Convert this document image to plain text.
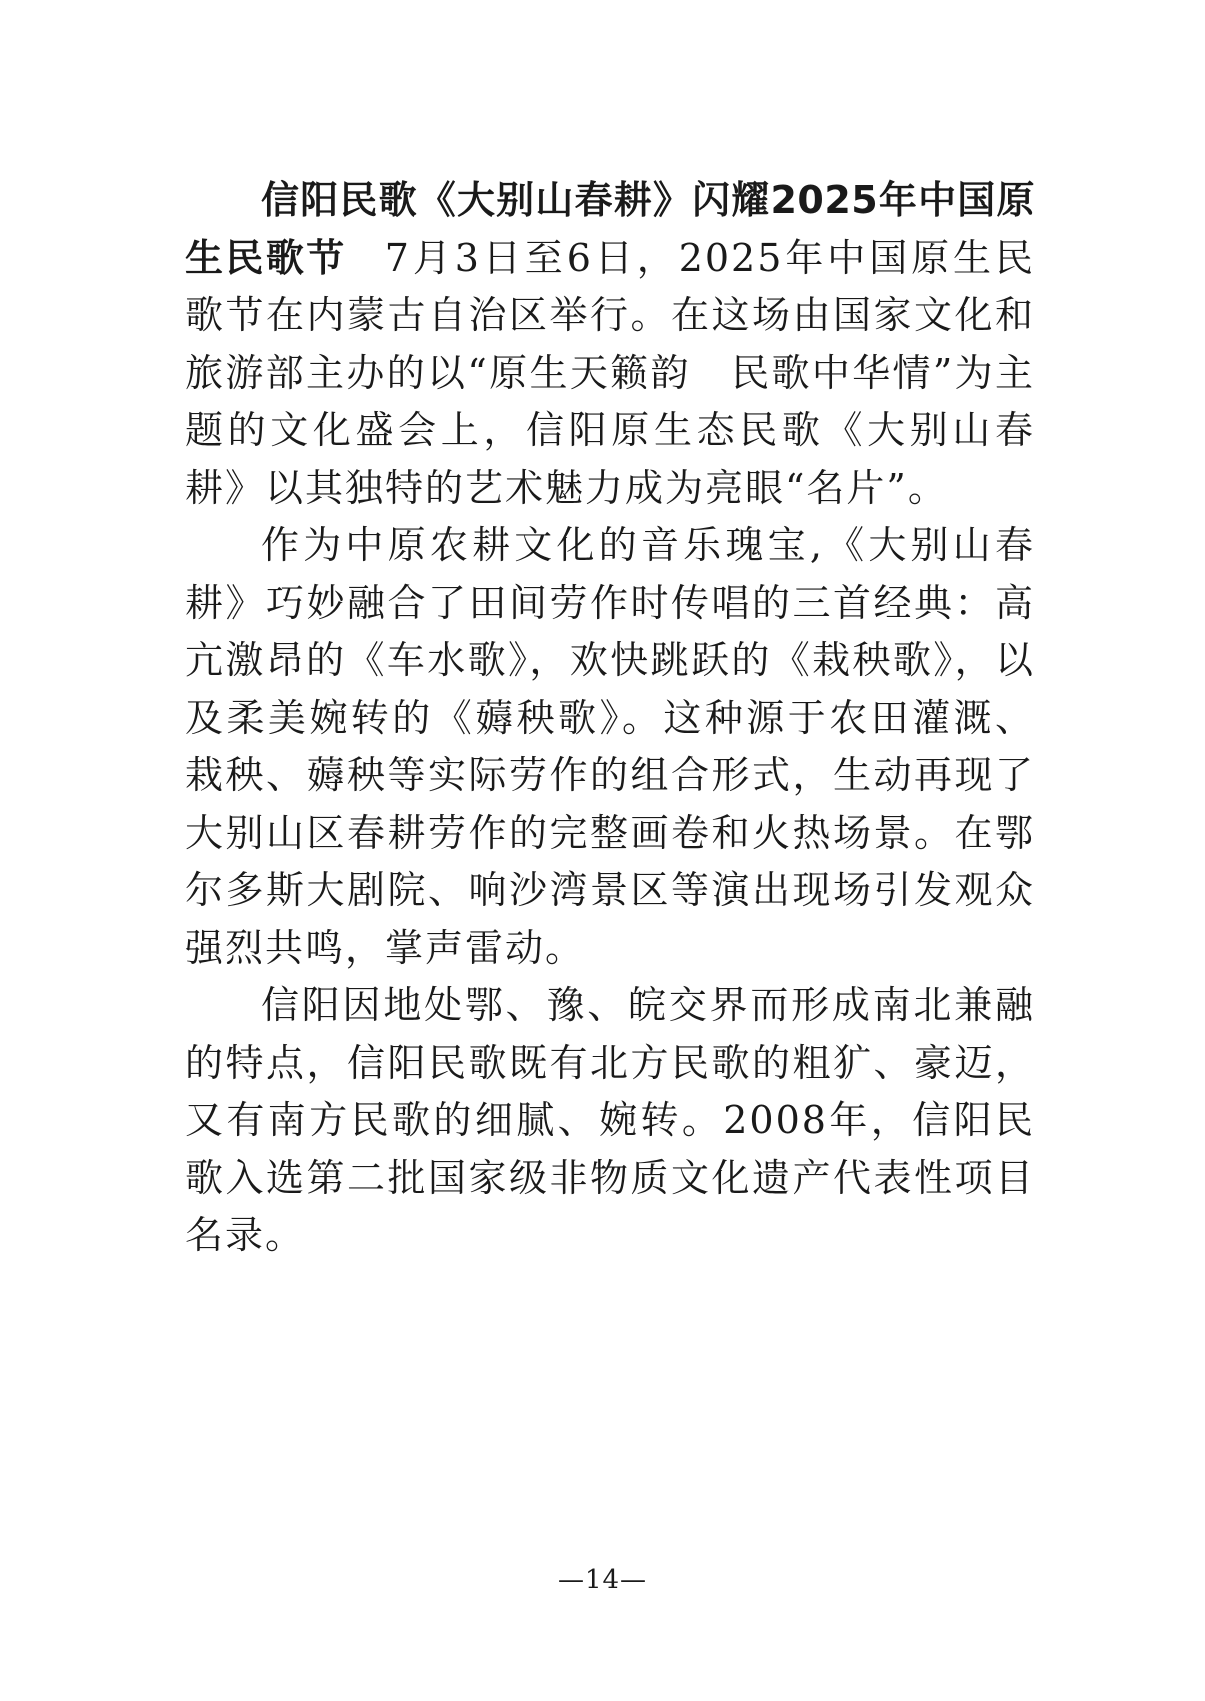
信阳民歌《大别山春耕》闪耀2025年中国原生民歌节 7月3日至6日，2025年中国原生民歌节在内蒙古自治区举行。在这场由国家文化和旅游部主办的以“原生天籁韵　民歌中华情”为主题的文化盛会上，信阳原生态民歌《大别山春耕》以其独特的艺术魅力成为亮眼“名片”。

作为中原农耕文化的音乐瑰宝,《大别山春耕》巧妙融合了田间劳作时传唱的三首经典：高亢激昂的《车水歌》，欢快跳跃的《栽秧歌》，以及柔美婉转的《薅秧歌》。这种源于农田灌溉、栽秧、薅秧等实际劳作的组合形式，生动再现了大别山区春耕劳作的完整画卷和火热场景。在鄂尔多斯大剧院、响沙湾景区等演出现场引发观众强烈共鸣，掌声雷动。

信阳因地处鄂、豫、皖交界而形成南北兼融的特点，信阳民歌既有北方民歌的粗犷、豪迈，又有南方民歌的细腻、婉转。2008年，信阳民歌入选第二批国家级非物质文化遗产代表性项目名录。

—14—
